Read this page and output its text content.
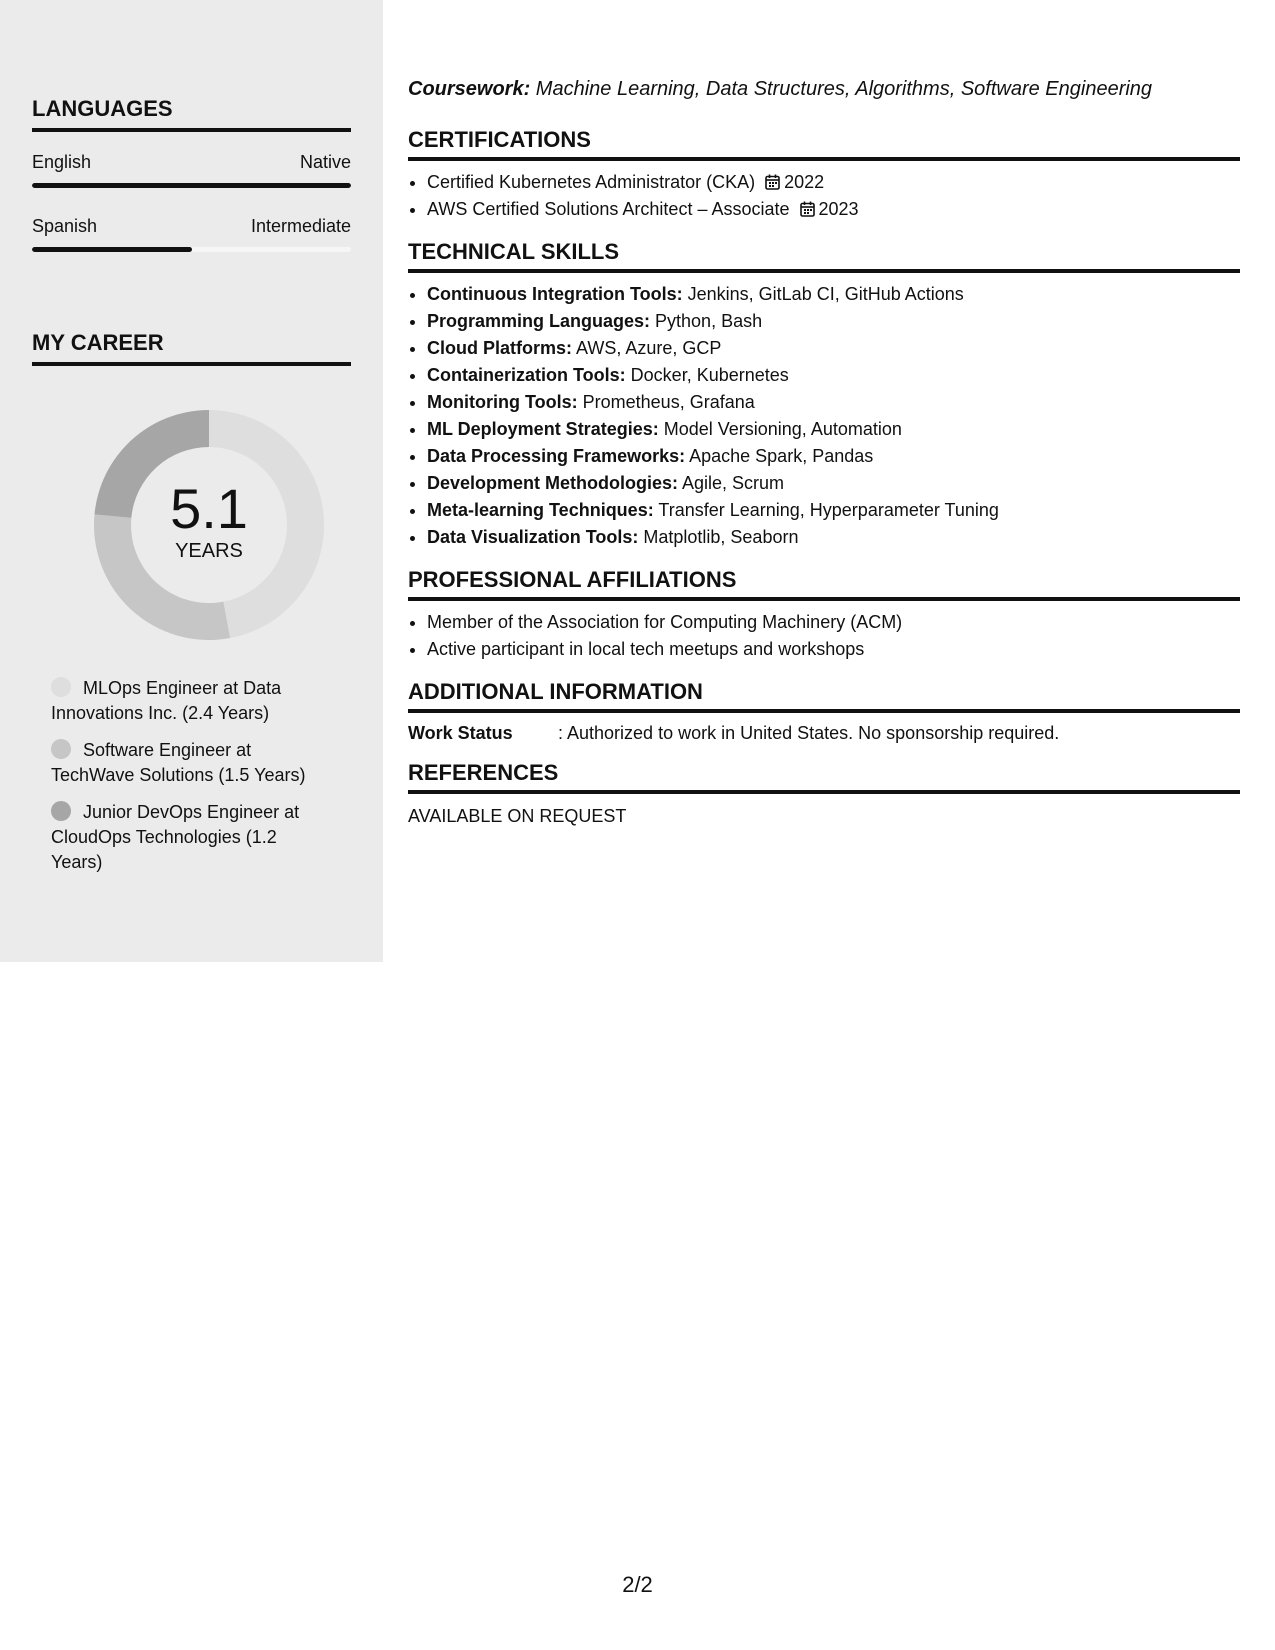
LANGUAGES
English	Native
Spanish	Intermediate
MY CAREER
5.1
YEARS
MLOps Engineer at Data Innovations Inc. (2.4 Years)
Software Engineer at TechWave Solutions (1.5 Years)
Junior DevOps Engineer at CloudOps Technologies (1.2 Years)
Coursework: Machine Learning, Data Structures, Algorithms, Software Engineering
CERTIFICATIONS
• Certified Kubernetes Administrator (CKA) 2022
• AWS Certified Solutions Architect – Associate 2023
TECHNICAL SKILLS
• Continuous Integration Tools: Jenkins, GitLab CI, GitHub Actions
• Programming Languages: Python, Bash
• Cloud Platforms: AWS, Azure, GCP
• Containerization Tools: Docker, Kubernetes
• Monitoring Tools: Prometheus, Grafana
• ML Deployment Strategies: Model Versioning, Automation
• Data Processing Frameworks: Apache Spark, Pandas
• Development Methodologies: Agile, Scrum
• Meta-learning Techniques: Transfer Learning, Hyperparameter Tuning
• Data Visualization Tools: Matplotlib, Seaborn
PROFESSIONAL AFFILIATIONS
• Member of the Association for Computing Machinery (ACM)
• Active participant in local tech meetups and workshops
ADDITIONAL INFORMATION
Work Status	: Authorized to work in United States. No sponsorship required.
REFERENCES
AVAILABLE ON REQUEST
2/2
